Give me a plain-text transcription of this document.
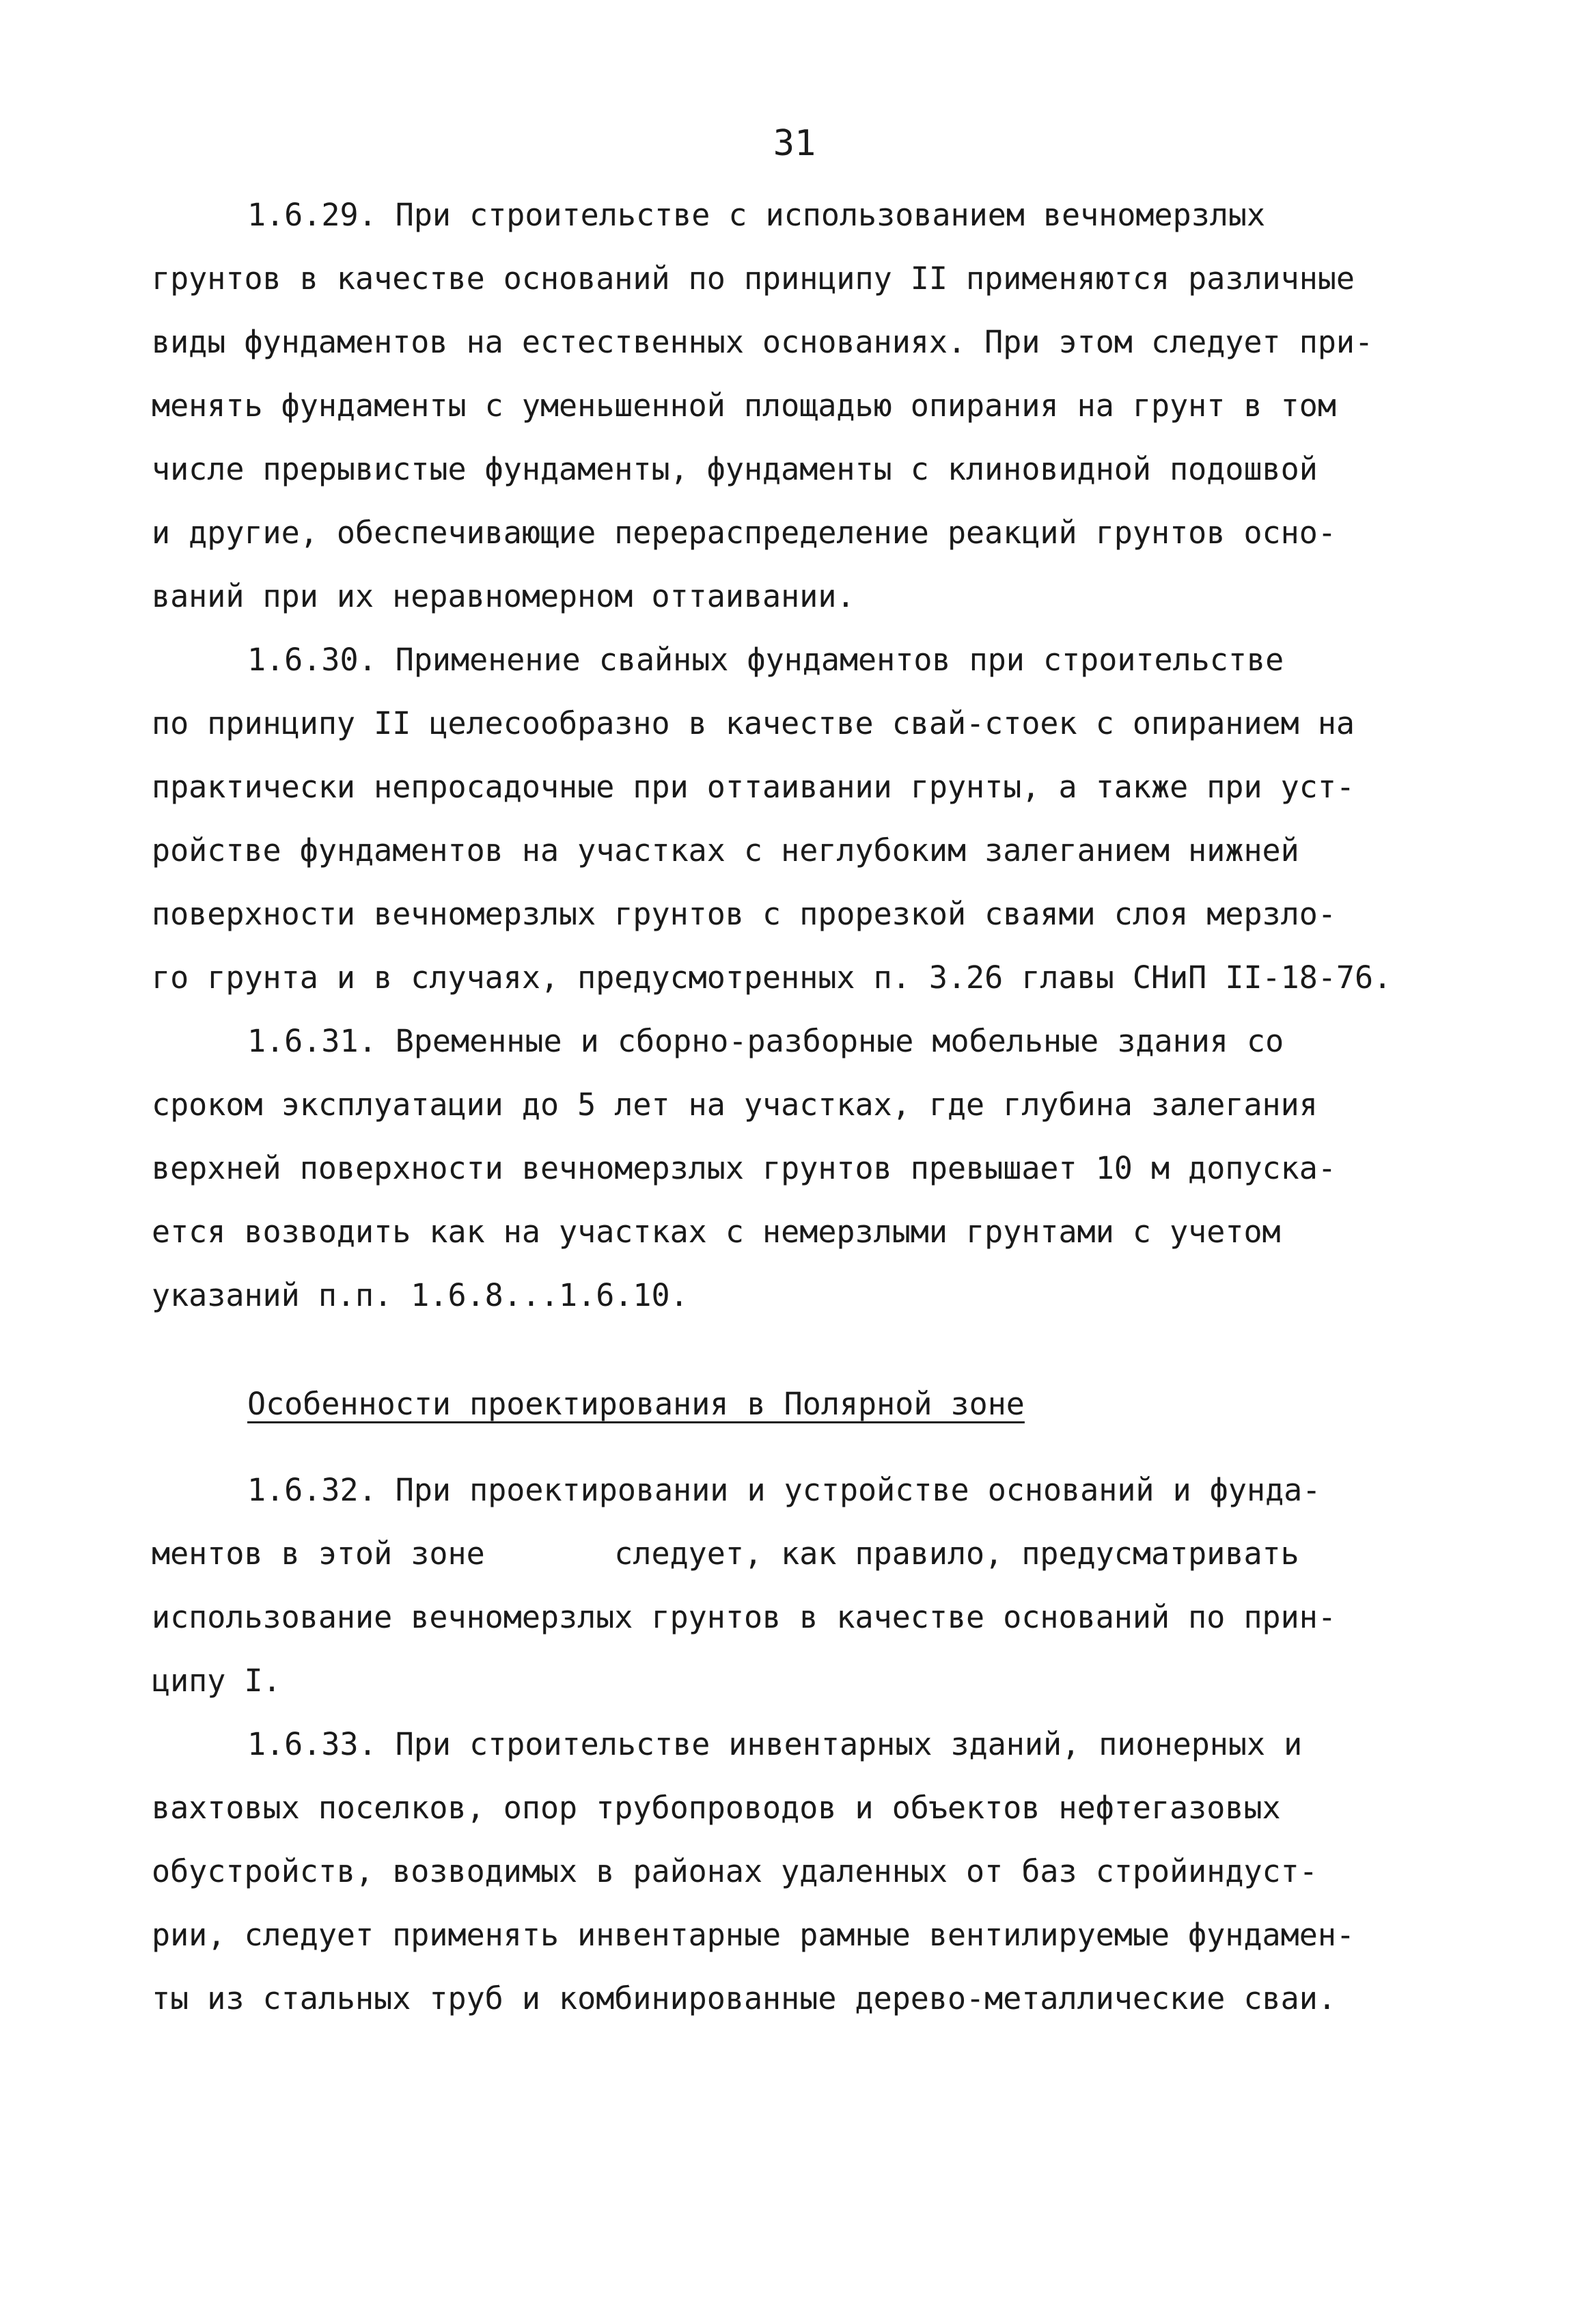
31
1.6.29. При строительстве с использованием вечномерзлых
грунтов в качестве оснований по принципу II применяются различные
виды фундаментов на естественных основаниях. При этом следует при-
менять фундаменты с уменьшенной площадью опирания на грунт в том
числе прерывистые фундаменты, фундаменты с клиновидной подошвой
и другие, обеспечивающие перераспределение реакций грунтов осно-
ваний при их неравномерном оттаивании.
1.6.30. Применение свайных фундаментов при строительстве
по принципу II целесообразно в качестве свай-стоек с опиранием на
практически непросадочные при оттаивании грунты, а также при уст-
ройстве фундаментов на участках с неглубоким залеганием нижней
поверхности вечномерзлых грунтов с прорезкой сваями слоя мерзло-
го грунта и в случаях, предусмотренных п. 3.26 главы СНиП II-18-76.
1.6.31. Временные и сборно-разборные мобельные здания со
сроком эксплуатации до 5 лет на участках, где глубина залегания
верхней поверхности вечномерзлых грунтов превышает 10 м допуска-
ется возводить как на участках с немерзлыми грунтами с учетом
указаний п.п. 1.6.8...1.6.10.
Особенности проектирования в Полярной зоне
1.6.32. При проектировании и устройстве оснований и фунда-
ментов в этой зоне       следует, как правило, предусматривать
использование вечномерзлых грунтов в качестве оснований по прин-
ципу I.
1.6.33. При строительстве инвентарных зданий, пионерных и
вахтовых поселков, опор трубопроводов и объектов нефтегазовых
обустройств, возводимых в районах удаленных от баз стройиндуст-
рии, следует применять инвентарные рамные вентилируемые фундамен-
ты из стальных труб и комбинированные дерево-металлические сваи.
